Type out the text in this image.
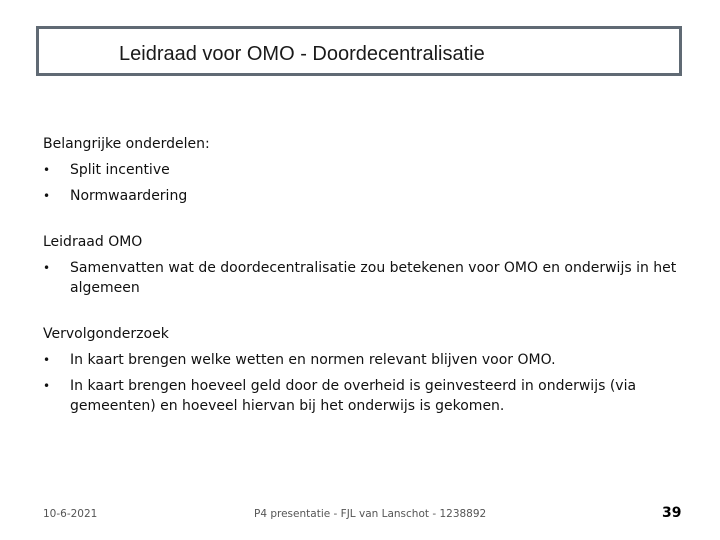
Leidraad voor OMO - Doordecentralisatie
Belangrijke onderdelen:
• Split incentive
• Normwaardering
Leidraad OMO
• Samenvatten wat de doordecentralisatie zou betekenen voor OMO en onderwijs in het algemeen
Vervolgonderzoek
• In kaart brengen welke wetten en normen relevant blijven voor OMO.
• In kaart brengen hoeveel geld door de overheid is geinvesteerd in onderwijs (via gemeenten) en hoeveel hiervan bij het onderwijs is gekomen.
10-6-2021	P4 presentatie - FJL van Lanschot - 1238892	39
